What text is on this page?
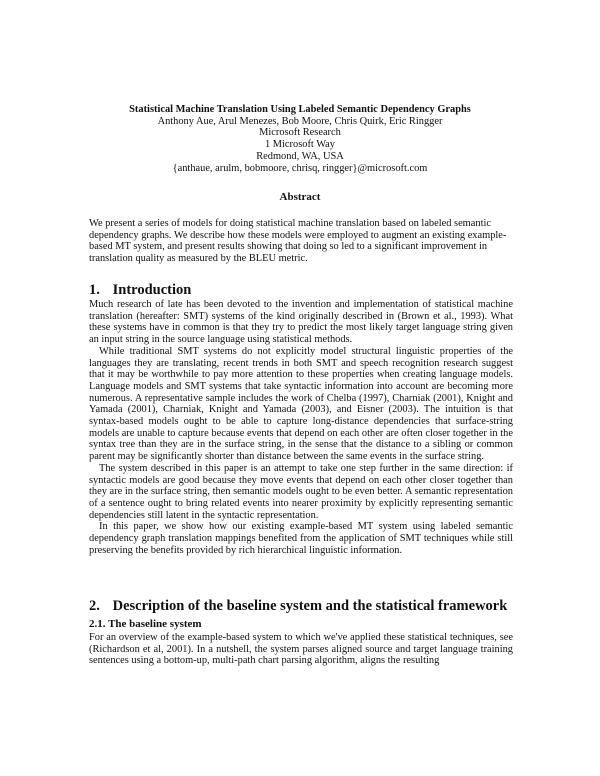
Statistical Machine Translation Using Labeled Semantic Dependency Graphs
Anthony Aue, Arul Menezes, Bob Moore, Chris Quirk, Eric Ringger
Microsoft Research
1 Microsoft Way
Redmond, WA, USA
{anthaue, arulm, bobmoore, chrisq, ringger}@microsoft.com
Abstract
We present a series of models for doing statistical machine translation based on labeled semantic dependency graphs. We describe how these models were employed to augment an existing example-based MT system, and present results showing that doing so led to a significant improvement in translation quality as measured by the BLEU metric.
1. Introduction

Much research of late has been devoted to the invention and implementation of statistical machine translation (hereafter: SMT) systems of the kind originally described in (Brown et al., 1993). What these systems have in common is that they try to predict the most likely target language string given an input string in the source language using statistical methods.

While traditional SMT systems do not explicitly model structural linguistic properties of the languages they are translating, recent trends in both SMT and speech recognition research suggest that it may be worthwhile to pay more attention to these properties when creating language models. Language models and SMT systems that take syntactic information into account are becoming more numerous. A representative sample includes the work of Chelba (1997), Charniak (2001), Knight and Yamada (2001), Charniak, Knight and Yamada (2003), and Eisner (2003). The intuition is that syntax-based models ought to be able to capture long-distance dependencies that surface-string models are unable to capture because events that depend on each other are often closer together in the syntax tree than they are in the surface string, in the sense that the distance to a sibling or common parent may be significantly shorter than distance between the same events in the surface string.

The system described in this paper is an attempt to take one step further in the same direction: if syntactic models are good because they move events that depend on each other closer together than they are in the surface string, then semantic models ought to be even better. A semantic representation of a sentence ought to bring related events into nearer proximity by explicitly representing semantic dependencies still latent in the syntactic representation.

In this paper, we show how our existing example-based MT system using labeled semantic dependency graph translation mappings benefited from the application of SMT techniques while still preserving the benefits provided by rich hierarchical linguistic information.

2. Description of the baseline system and the statistical framework
2.1. The baseline system

For an overview of the example-based system to which we've applied these statistical techniques, see (Richardson et al, 2001). In a nutshell, the system parses aligned source and target language training sentences using a bottom-up, multi-path chart parsing algorithm, aligns the resulting
